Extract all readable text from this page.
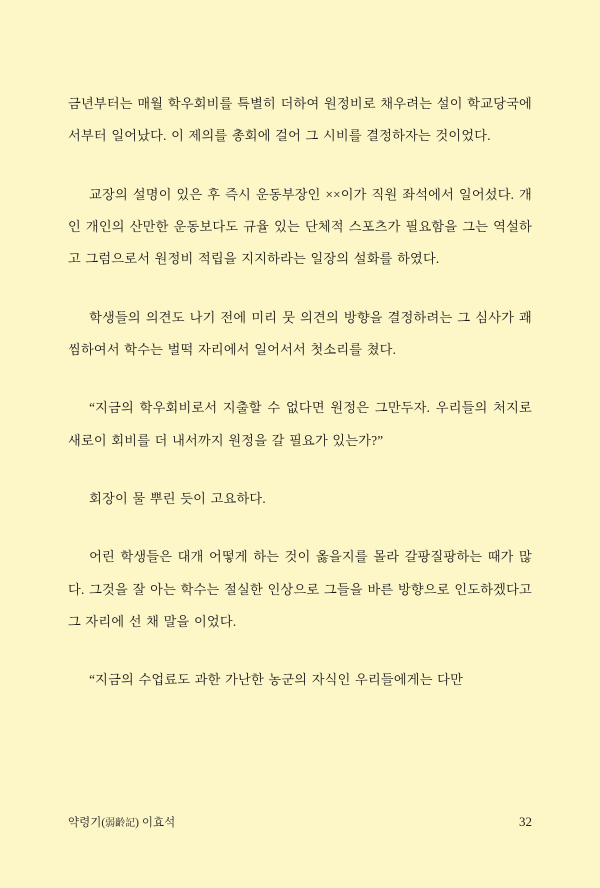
금년부터는 매월 학우회비를 특별히 더하여 원정비로 채우려는 설이 학교당국에서부터 일어났다. 이 제의를 총회에 걸어 그 시비를 결정하자는 것이었다.

교장의 설명이 있은 후 즉시 운동부장인 ××이가 직원 좌석에서 일어섰다. 개인 개인의 산만한 운동보다도 규율 있는 단체적 스포츠가 필요함을 그는 역설하고 그럼으로서 원정비 적립을 지지하라는 일장의 설화를 하였다.

학생들의 의견도 나기 전에 미리 뭇 의견의 방향을 결정하려는 그 심사가 괘씸하여서 학수는 벌떡 자리에서 일어서서 첫소리를 쳤다.

“지금의 학우회비로서 지출할 수 없다면 원정은 그만두자. 우리들의 처지로 새로이 회비를 더 내서까지 원정을 갈 필요가 있는가?”

회장이 물 뿌린 듯이 고요하다.

어린 학생들은 대개 어떻게 하는 것이 옳을지를 몰라 갈팡질팡하는 때가 많다. 그것을 잘 아는 학수는 절실한 인상으로 그들을 바른 방향으로 인도하겠다고 그 자리에 선 채 말을 이었다.

“지금의 수업료도 과한 가난한 농군의 자식인 우리들에게는 다만

약령기(弱齡記) 이효석	32
